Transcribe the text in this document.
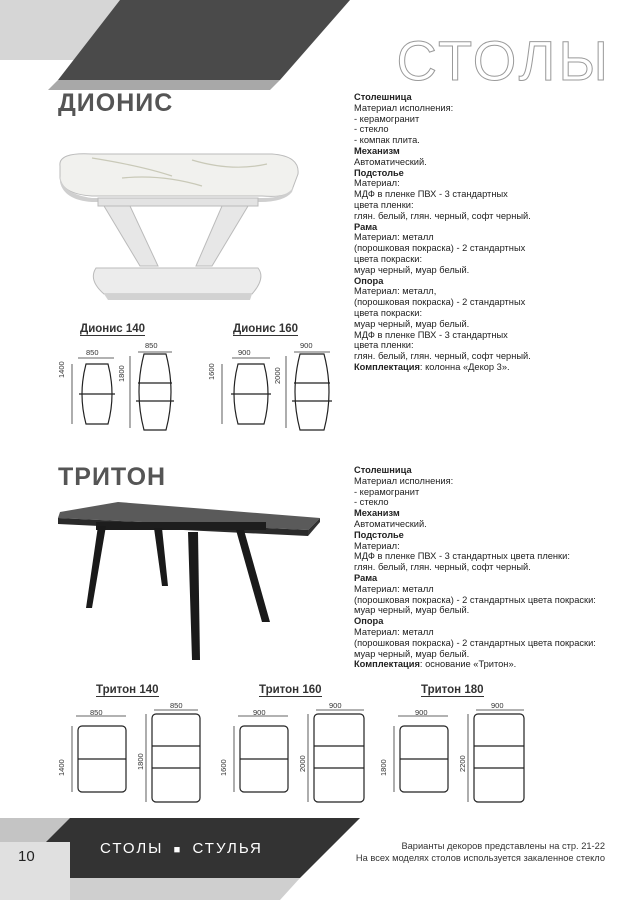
СТОЛЫ
ДИОНИС
Дионис 140	Дионис 160
850
850
1400	1800
900
900
1600	2000
Столешница
Материал исполнения:
- керамогранит
- стекло
- компак плита.
Механизм
Автоматический.
Подстолье
Материал:
МДФ в пленке ПВХ - 3 стандартных
цвета пленки:
глян. белый, глян. черный, софт черный.
Рама
Материал: металл
(порошковая покраска) - 2 стандартных
цвета покраски:
муар черный, муар белый.
Опора
Материал: металл,
(порошковая покраска) - 2 стандартных
цвета покраски:
муар черный, муар белый.
МДФ в пленке ПВХ - 3 стандартных
цвета пленки:
глян. белый, глян. черный, софт черный.
Комплектация: колонна «Декор 3».
ТРИТОН	Столешница
Материал исполнения:
- керамогранит
- стекло
Механизм
Автоматический.
Подстолье
Материал:
МДФ в пленке ПВХ - 3 стандартных цвета пленки:
глян. белый, глян. черный, софт черный.
Рама
Материал: металл
(порошковая покраска) - 2 стандартных цвета покраски:
муар черный, муар белый.
Опора
Материал: металл
(порошковая покраска) - 2 стандартных цвета покраски:
муар черный, муар белый.
Комплектация: основание «Тритон».
Тритон 140	Тритон 160	Тритон 180
850
850
1400	1800
900
900
1600	2000
900
900
1800	2200
10	СТОЛЫ ■ СТУЛЬЯ	Варианты декоров представлены на стр. 21-22
На всех моделях столов используется закаленное стекло
